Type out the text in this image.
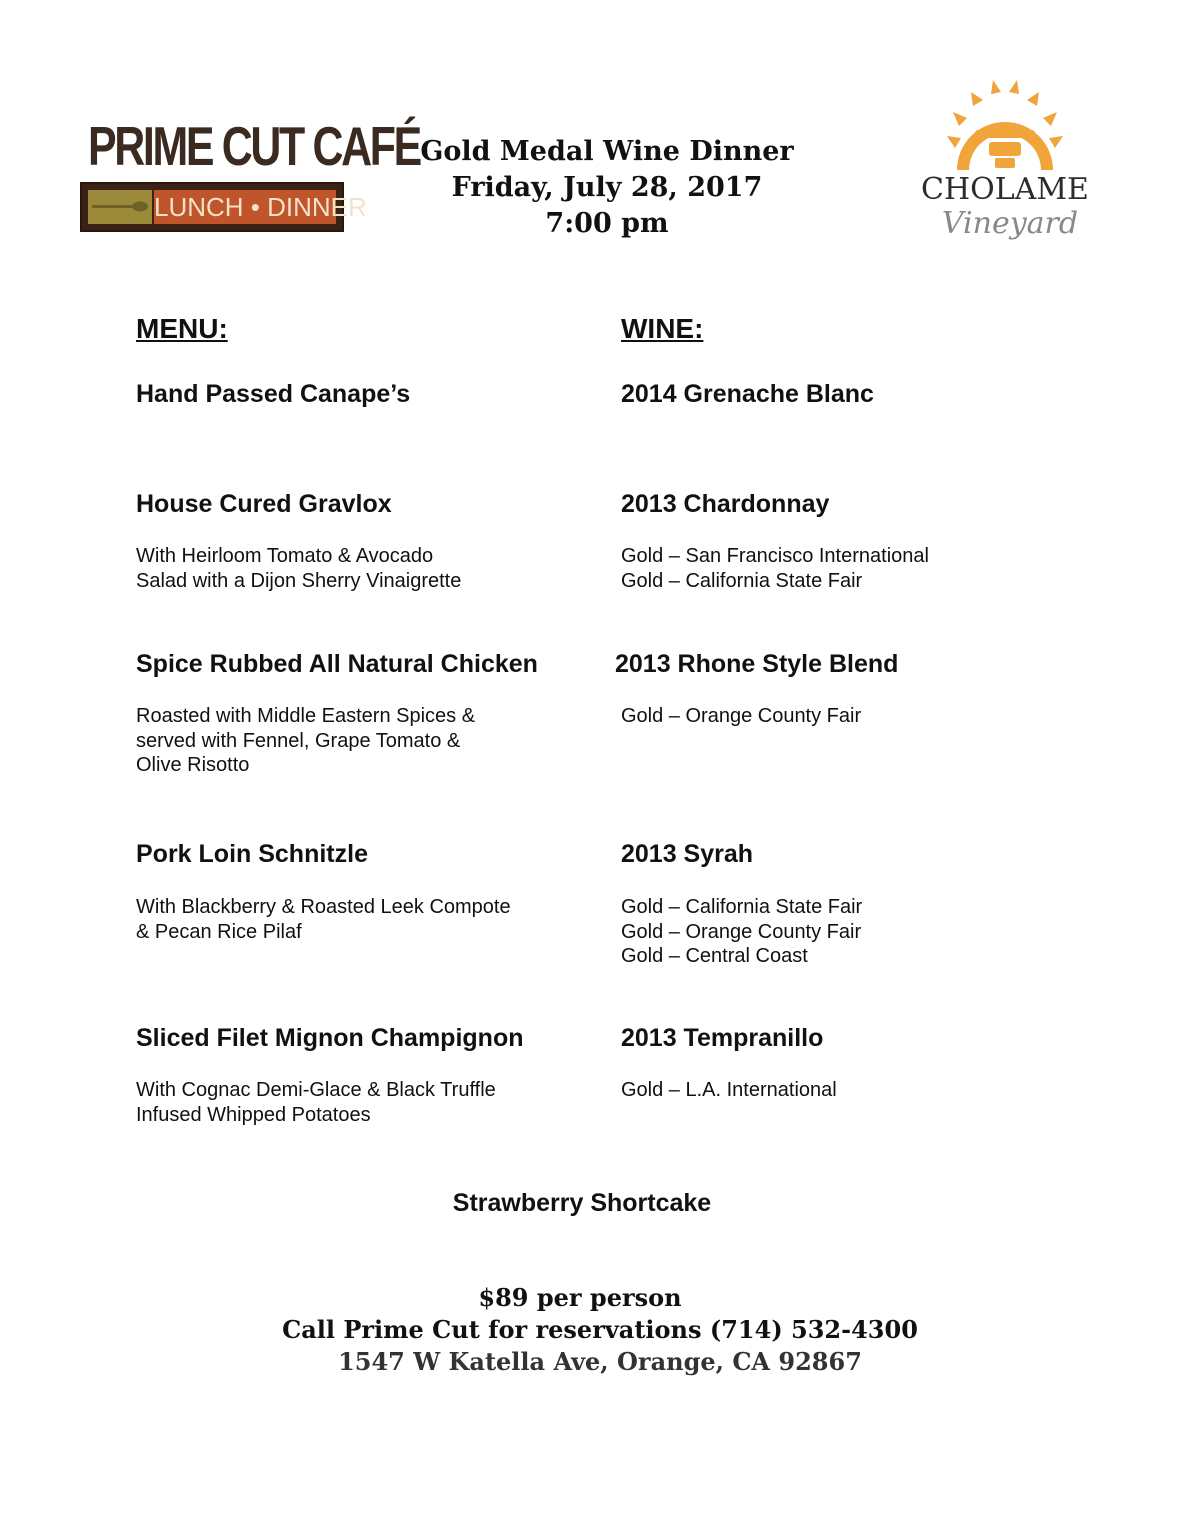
PRIME CUT CAFÉ
LUNCH • DINNER
Gold Medal Wine Dinner
Friday, July 28, 2017
7:00 pm
CHOLAME
Vineyard
MENU:	WINE:
Hand Passed Canape’s	2014 Grenache Blanc
House Cured Gravlox	2013 Chardonnay
With Heirloom Tomato & Avocado
Salad with a Dijon Sherry Vinaigrette
Gold – San Francisco International
Gold – California State Fair
Spice Rubbed All Natural Chicken	2013 Rhone Style Blend
Roasted with Middle Eastern Spices &
served with Fennel, Grape Tomato &
Olive Risotto
Gold – Orange County Fair
Pork Loin Schnitzle	2013 Syrah
With Blackberry & Roasted Leek Compote
& Pecan Rice Pilaf
Gold – California State Fair
Gold – Orange County Fair
Gold – Central Coast
Sliced Filet Mignon Champignon	2013 Tempranillo
With Cognac Demi-Glace & Black Truffle
Infused Whipped Potatoes
Gold – L.A. International
Strawberry Shortcake
$89 per person
Call Prime Cut for reservations (714) 532-4300
1547 W Katella Ave, Orange, CA 92867
